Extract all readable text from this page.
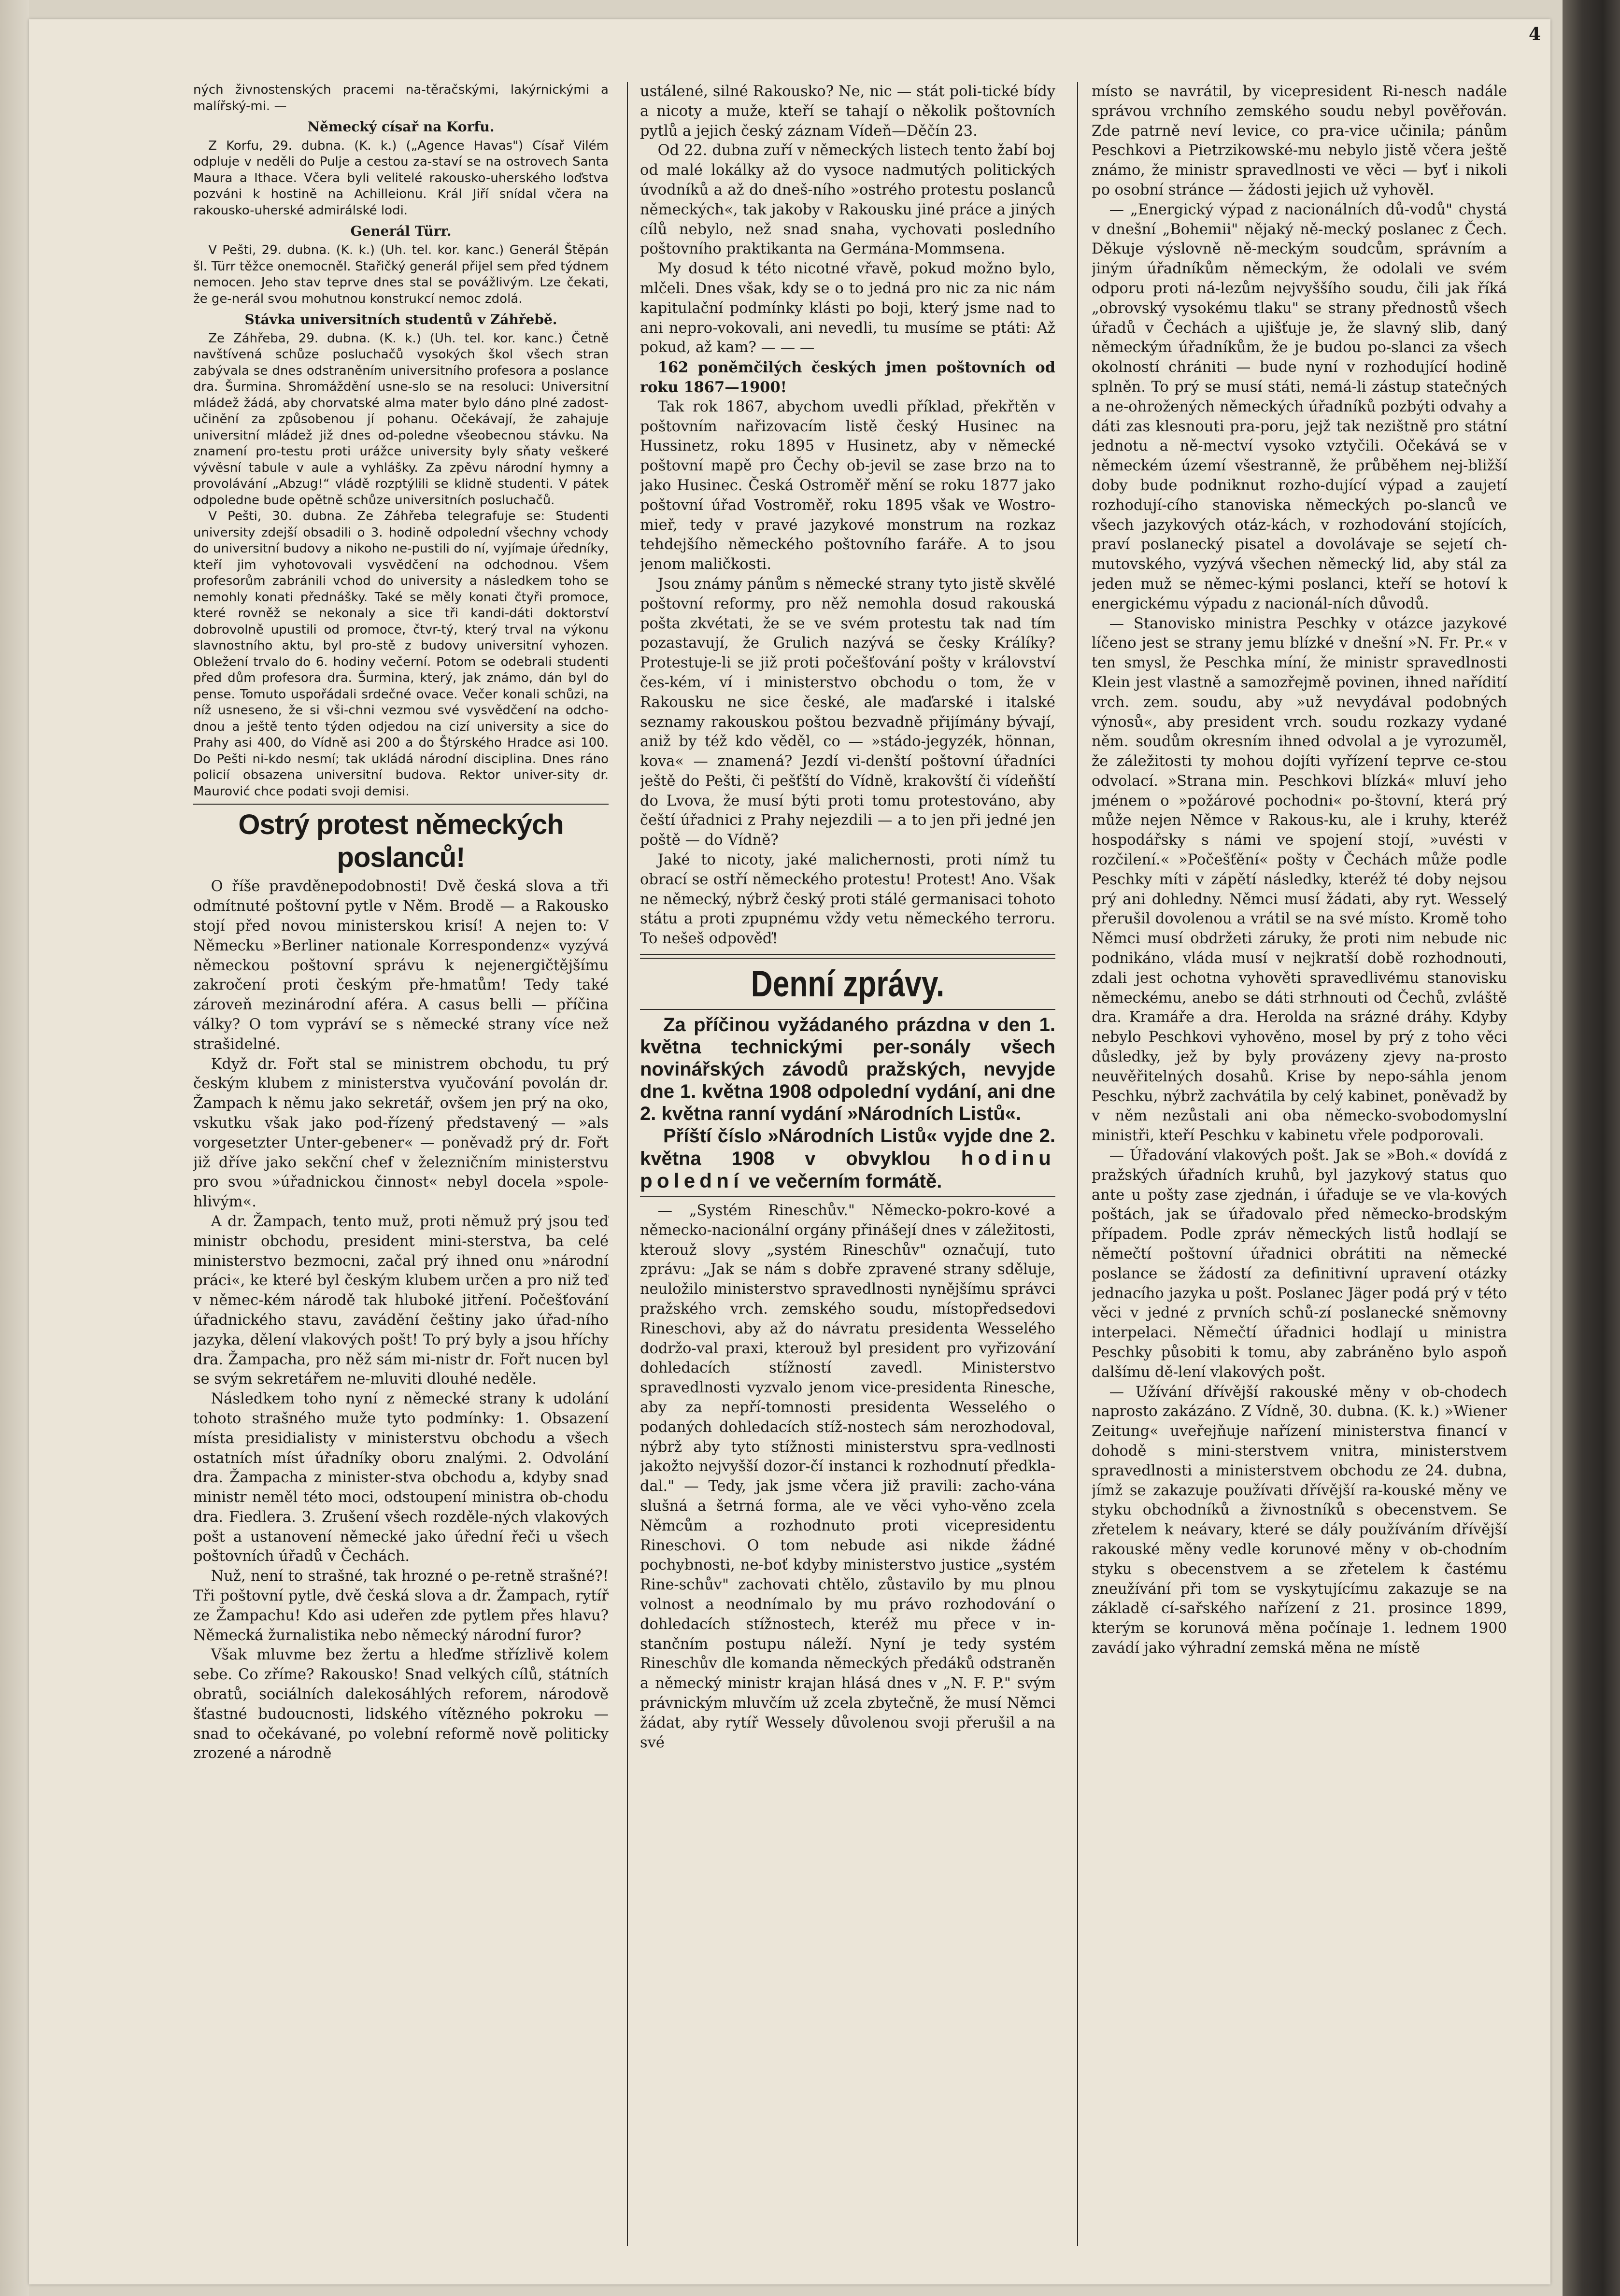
4
ných živnostenských pracemi na-těračskými, lakýrnickými a malířský-mi. —
Německý císař na Korfu.

Z Korfu, 29. dubna. (K. k.) („Agence Havas") Císař Vilém odpluje v neděli do Pulje a cestou za-staví se na ostrovech Santa Maura a Ithace. Včera byli velitelé rakousko-uherského loďstva pozváni k hostině na Achilleionu. Král Jiří snídal včera na rakousko-uherské admirálské lodi.

Generál Türr.

V Pešti, 29. dubna. (K. k.) (Uh. tel. kor. kanc.) Generál Štěpán šl. Türr těžce onemocněl. Stařičký generál přijel sem před týdnem nemocen. Jeho stav teprve dnes stal se povážlivým. Lze čekati, že ge-nerál svou mohutnou konstrukcí nemoc zdolá.

Stávka universitních studentů v Záhřebě.

Ze Záhřeba, 29. dubna. (K. k.) (Uh. tel. kor. kanc.) Četně navštívená schůze posluchačů vysokých škol všech stran zabývala se dnes odstraněním universitního profesora a poslance dra. Šurmina. Shromáždění usne-slo se na resoluci: Universitní mládež žádá, aby chorvatské alma mater bylo dáno plné zadost-učinění za způsobenou jí pohanu. Očekávají, že zahajuje universitní mládež již dnes od-poledne všeobecnou stávku. Na znamení pro-testu proti urážce university byly sňaty veškeré vývěsní tabule v aule a vyhlášky. Za zpěvu národní hymny a provolávání „Abzug!“ vládě rozptýlili se klidně studenti. V pátek odpoledne bude opětně schůze universitních posluchačů.

V Pešti, 30. dubna. Ze Záhřeba telegrafuje se: Studenti university zdejší obsadili o 3. hodině odpolední všechny vchody do universitní budovy a nikoho ne-pustili do ní, vyjímaje úředníky, kteří jim vyhotovovali vysvědčení na odchodnou. Všem profesorům zabránili vchod do university a následkem toho se nemohly konati přednášky. Také se měly konati čtyři promoce, které rovněž se nekonaly a sice tři kandi-dáti doktorství dobrovolně upustili od promoce, čtvr-tý, který trval na výkonu slavnostního aktu, byl pro-stě z budovy universitní vyhozen. Obležení trvalo do 6. hodiny večerní. Potom se odebrali studenti před dům profesora dra. Šurmina, který, jak známo, dán byl do pense. Tomuto uspořádali srdečné ovace. Večer konali schůzi, na níž usneseno, že si vši-chni vezmou své vysvědčení na odcho-dnou a ještě tento týden odjedou na cizí university a sice do Prahy asi 400, do Vídně asi 200 a do Štýrského Hradce asi 100. Do Pešti ni-kdo nesmí; tak ukládá národní disciplina. Dnes ráno policií obsazena universitní budova. Rektor univer-sity dr. Maurović chce podati svoji demisi.

Ostrý protest německých poslanců!

O říše pravděnepodobnosti! Dvě česká slova a tři odmítnuté poštovní pytle v Něm. Brodě — a Rakousko stojí před novou ministerskou krisí! A nejen to: V Německu »Berliner nationale Korrespondenz« vyzývá německou poštovní správu k nejenergičtějšímu zakročení proti českým pře-hmatům! Tedy také zároveň mezinárodní aféra. A casus belli — příčina války? O tom vypráví se s německé strany více než strašidelné.

Když dr. Fořt stal se ministrem obchodu, tu prý českým klubem z ministerstva vyučování povolán dr. Žampach k němu jako sekretář, ovšem jen prý na oko, vskutku však jako pod-řízený představený — »als vorgesetzter Unter-gebener« — poněvadž prý dr. Fořt již dříve jako sekční chef v železničním ministerstvu pro svou »úřadnickou činnost« nebyl docela »spole-hlivým«.

A dr. Žampach, tento muž, proti němuž prý jsou teď ministr obchodu, president mini-sterstva, ba celé ministerstvo bezmocni, začal prý ihned onu »národní práci«, ke které byl českým klubem určen a pro niž teď v němec-kém národě tak hluboké jitření. Počešťování úřadnického stavu, zavádění češtiny jako úřad-ního jazyka, dělení vlakových pošt! To prý byly a jsou hříchy dra. Žampacha, pro něž sám mi-nistr dr. Fořt nucen byl se svým sekretářem ne-mluviti dlouhé neděle.

Následkem toho nyní z německé strany k udolání tohoto strašného muže tyto podmínky: 1. Obsazení místa presidialisty v ministerstvu obchodu a všech ostatních míst úřadníky oboru znalými. 2. Odvolání dra. Žampacha z minister-stva obchodu a, kdyby snad ministr neměl této moci, odstoupení ministra ob-chodu dra. Fiedlera. 3. Zrušení všech rozděle-ných vlakových pošt a ustanovení německé jako úřední řeči u všech poštovních úřadů v Čechách.

Nuž, není to strašné, tak hrozné o pe-retně strašné?! Tři poštovní pytle, dvě česká slova a dr. Žampach, rytíř ze Žampachu! Kdo asi udeřen zde pytlem přes hlavu? Německá žurnalistika nebo německý národní furor?

Však mluvme bez žertu a hleďme střízlivě kolem sebe. Co zříme? Rakousko! Snad velkých cílů, státních obratů, sociálních dalekosáhlých reforem, národově šťastné budoucnosti, lidského vítězného pokroku — snad to očekávané, po volební reformě nově politicky zrozené a národně

ustálené, silné Rakousko? Ne, nic — stát poli-tické bídy a nicoty a muže, kteří se tahají o několik poštovních pytlů a jejich český záznam Vídeň—Děčín 23.

Od 22. dubna zuří v německých listech tento žabí boj od malé lokálky až do vysoce nadmutých politických úvodníků a až do dneš-ního »ostrého protestu poslanců německých«, tak jakoby v Rakousku jiné práce a jiných cílů nebylo, než snad snaha, vychovati posledního poštovního praktikanta na Germána-Mommsena.

My dosud k této nicotné vřavě, pokud možno bylo, mlčeli. Dnes však, kdy se o to jedná pro nic za nic nám kapitulační podmínky klásti po boji, který jsme nad to ani nepro-vokovali, ani nevedli, tu musíme se ptáti: Až pokud, až kam? — — —

162 poněmčilých českých jmen poštovních od roku 1867—1900!

Tak rok 1867, abychom uvedli příklad, překřtěn v poštovním nařizovacím listě český Husinec na Hussinetz, roku 1895 v Husinetz, aby v německé poštovní mapě pro Čechy ob-jevil se zase brzo na to jako Husinec. Česká Ostroměř mění se roku 1877 jako poštovní úřad Vostroměř, roku 1895 však ve Wostro-mieř, tedy v pravé jazykové monstrum na rozkaz tehdejšího německého poštovního faráře. A to jsou jenom maličkosti.

Jsou známy pánům s německé strany tyto jistě skvělé poštovní reformy, pro něž nemohla dosud rakouská pošta zkvétati, že se ve svém protestu tak nad tím pozastavují, že Grulich nazývá se česky Králíky? Protestuje-li se již proti počešťování pošty v království čes-kém, ví i ministerstvo obchodu o tom, že v Rakousku ne sice české, ale maďarské i italské seznamy rakouskou poštou bezvadně přijímány bývají, aniž by též kdo věděl, co — »stádo-jegyzék, hönnan, kova« — znamená? Jezdí vi-denští poštovní úřadníci ještě do Pešti, či pešťští do Vídně, krakovští či vídeňští do Lvova, že musí býti proti tomu protestováno, aby čeští úřadnici z Prahy nejezdili — a to jen při jedné jen poště — do Vídně?

Jaké to nicoty, jaké malichernosti, proti nímž tu obrací se ostří německého protestu! Protest! Ano. Však ne německý, nýbrž český proti stálé germanisaci tohoto státu a proti zpupnému vždy vetu německého terroru. To nešeš odpověď!

Denní zprávy.

Za příčinou vyžádaného prázdna v den 1. května technickými per-sonály všech novinářských závodů pražských, nevyjde dne 1. května 1908 odpolední vydání, ani dne 2. května ranní vydání »Národních Listů«.

Příští číslo »Národních Listů« vyjde dne 2. května 1908 v obvyklou hodinu polední ve večerním formátě.

— „Systém Rineschův." Německo-pokro-kové a německo-nacionální orgány přinášejí dnes v záležitosti, kterouž slovy „systém Rineschův" označují, tuto zprávu: „Jak se nám s dobře zpravené strany sděluje, neuložilo ministerstvo spravedlnosti nynějšímu správci pražského vrch. zemského soudu, místopředsedovi Rineschovi, aby až do návratu presidenta Wesselého dodržo-val praxi, kterouž byl president pro vyřizování dohledacích stížností zavedl. Ministerstvo spravedlnosti vyzvalo jenom vice-presidenta Rinesche, aby za nepří-tomnosti presidenta Wesselého o podaných dohledacích stíž-nostech sám nerozhodoval, nýbrž aby tyto stížnosti ministerstvu spra-vedlnosti jakožto nejvyšší dozor-čí instanci k rozhodnutí předkla-dal." — Tedy, jak jsme včera již pravili: zacho-vána slušná a šetrná forma, ale ve věci vyho-věno zcela Němcům a rozhodnuto proti vicepresidentu Rineschovi. O tom nebude asi nikde žádné pochybnosti, ne-boť kdyby ministerstvo justice „systém Rine-schův" zachovati chtělo, zůstavilo by mu plnou volnost a neodnímalo by mu právo rozhodování o dohledacích stížnostech, kteréž mu přece v in-stančním postupu náleží. Nyní je tedy systém Rineschův dle komanda německých předáků odstraněn a německý ministr krajan hlásá dnes v „N. F. P." svým právnickým mluvčím už zcela zbytečně, že musí Němci žádat, aby rytíř Wessely důvolenou svoji přerušil a na své

místo se navrátil, by vicepresident Ri-nesch nadále správou vrchního zemského soudu nebyl pověřován. Zde patrně neví levice, co pra-vice učinila; pánům Peschkovi a Pietrzikowské-mu nebylo jistě včera ještě známo, že ministr spravedlnosti ve věci — byť i nikoli po osobní stránce — žádosti jejich už vyhověl.

— „Energický výpad z nacionálních dů-vodů" chystá v dnešní „Bohemii" nějaký ně-mecký poslanec z Čech. Děkuje výslovně ně-meckým soudcům, správním a jiným úřadníkům německým, že odolali ve svém odporu proti ná-lezům nejvyššího soudu, čili jak říká „obrovský vysokému tlaku" se strany přednostů všech úřadů v Čechách a ujišťuje je, že slavný slib, daný německým úřadníkům, že je budou po-slanci za všech okolností chrániti — bude nyní v rozhodující hodině splněn. To prý se musí státi, nemá-li zástup statečných a ne-ohrožených německých úřadníků pozbýti odvahy a dáti zas klesnouti pra-poru, jejž tak nezištně pro státní jednotu a ně-mectví vysoko vztyčili. Očekává se v německém území všestranně, že průběhem nej-bližší doby bude podniknut rozho-dující výpad a zaujetí rozhodují-cího stanoviska německých po-slanců ve všech jazykových otáz-kách, v rozhodování stojících, praví poslanecký pisatel a dovolávaje se sejetí ch-mutovského, vyzývá všechen německý lid, aby stál za jeden muž se němec-kými poslanci, kteří se hotoví k energickému výpadu z nacionál-ních důvodů.

— Stanovisko ministra Peschky v otázce jazykové líčeno jest se strany jemu blízké v dnešní »N. Fr. Pr.« v ten smysl, že Peschka míní, že ministr spravedlnosti Klein jest vlastně a samozřejmě povinen, ihned nařídití vrch. zem. soudu, aby »už nevydával podobných výnosů«, aby president vrch. soudu rozkazy vydané něm. soudům okresním ihned odvolal a je vyrozuměl, že záležitosti ty mohou dojíti vyřízení teprve ce-stou odvolací. »Strana min. Peschkovi blízká« mluví jeho jménem o »požárové pochodni« po-štovní, která prý může nejen Němce v Rakous-ku, ale i kruhy, kteréž hospodářsky s námi ve spojení stojí, »uvésti v rozčilení.« »Počešťění« pošty v Čechách může podle Peschky míti v zápětí následky, kteréž té doby nejsou prý ani dohledny. Němci musí žádati, aby ryt. Wesselý přerušil dovolenou a vrátil se na své místo. Kromě toho Němci musí obdržeti záruky, že proti nim nebude nic podnikáno, vláda musí v nejkratší době rozhodnouti, zdali jest ochotna vyhověti spravedlivému stanovisku německému, anebo se dáti strhnouti od Čechů, zvláště dra. Kramáře a dra. Herolda na srázné dráhy. Kdyby nebylo Peschkovi vyhověno, mosel by prý z toho věci důsledky, jež by byly provázeny zjevy na-prosto neuvěřitelných dosahů. Krise by nepo-sáhla jenom Peschku, nýbrž zachvátila by celý kabinet, poněvadž by v něm nezůstali ani oba německo-svobodomyslní ministři, kteří Peschku v kabinetu vřele podporovali.

— Úřadování vlakových pošt. Jak se »Boh.« dovídá z pražských úřadních kruhů, byl jazykový status quo ante u pošty zase zjednán, i úřaduje se ve vla-kových poštách, jak se úřadovalo před německo-brodským případem. Podle zpráv německých listů hodlají se němečtí poštovní úřadnici obrátiti na německé poslance se žádostí za definitivní upravení otázky jednacího jazyka u pošt. Poslanec Jäger podá prý v této věci v jedné z prvních schů-zí poslanecké sněmovny interpelaci. Němečtí úřadnici hodlají u ministra Peschky působiti k tomu, aby zabráněno bylo aspoň dalšímu dě-lení vlakových pošt.

— Užívání dřívější rakouské měny v ob-chodech naprosto zakázáno. Z Vídně, 30. dubna. (K. k.) »Wiener Zeitung« uveřejňuje nařízení ministerstva financí v dohodě s mini-sterstvem vnitra, ministerstvem spravedlnosti a ministerstvem obchodu ze 24. dubna, jímž se zakazuje používati dřívější ra-kouské měny ve styku obchodníků a živnostníků s obecenstvem. Se zřetelem k neávary, které se dály používáním dřívější rakouské měny vedle korunové měny v ob-chodním styku s obecenstvem a se zřetelem k častému zneužívání při tom se vyskytujícímu zakazuje se na základě cí-sařského nařízení z 21. prosince 1899, kterým se korunová měna počínaje 1. lednem 1900 zavádí jako výhradní zemská měna ne místě
